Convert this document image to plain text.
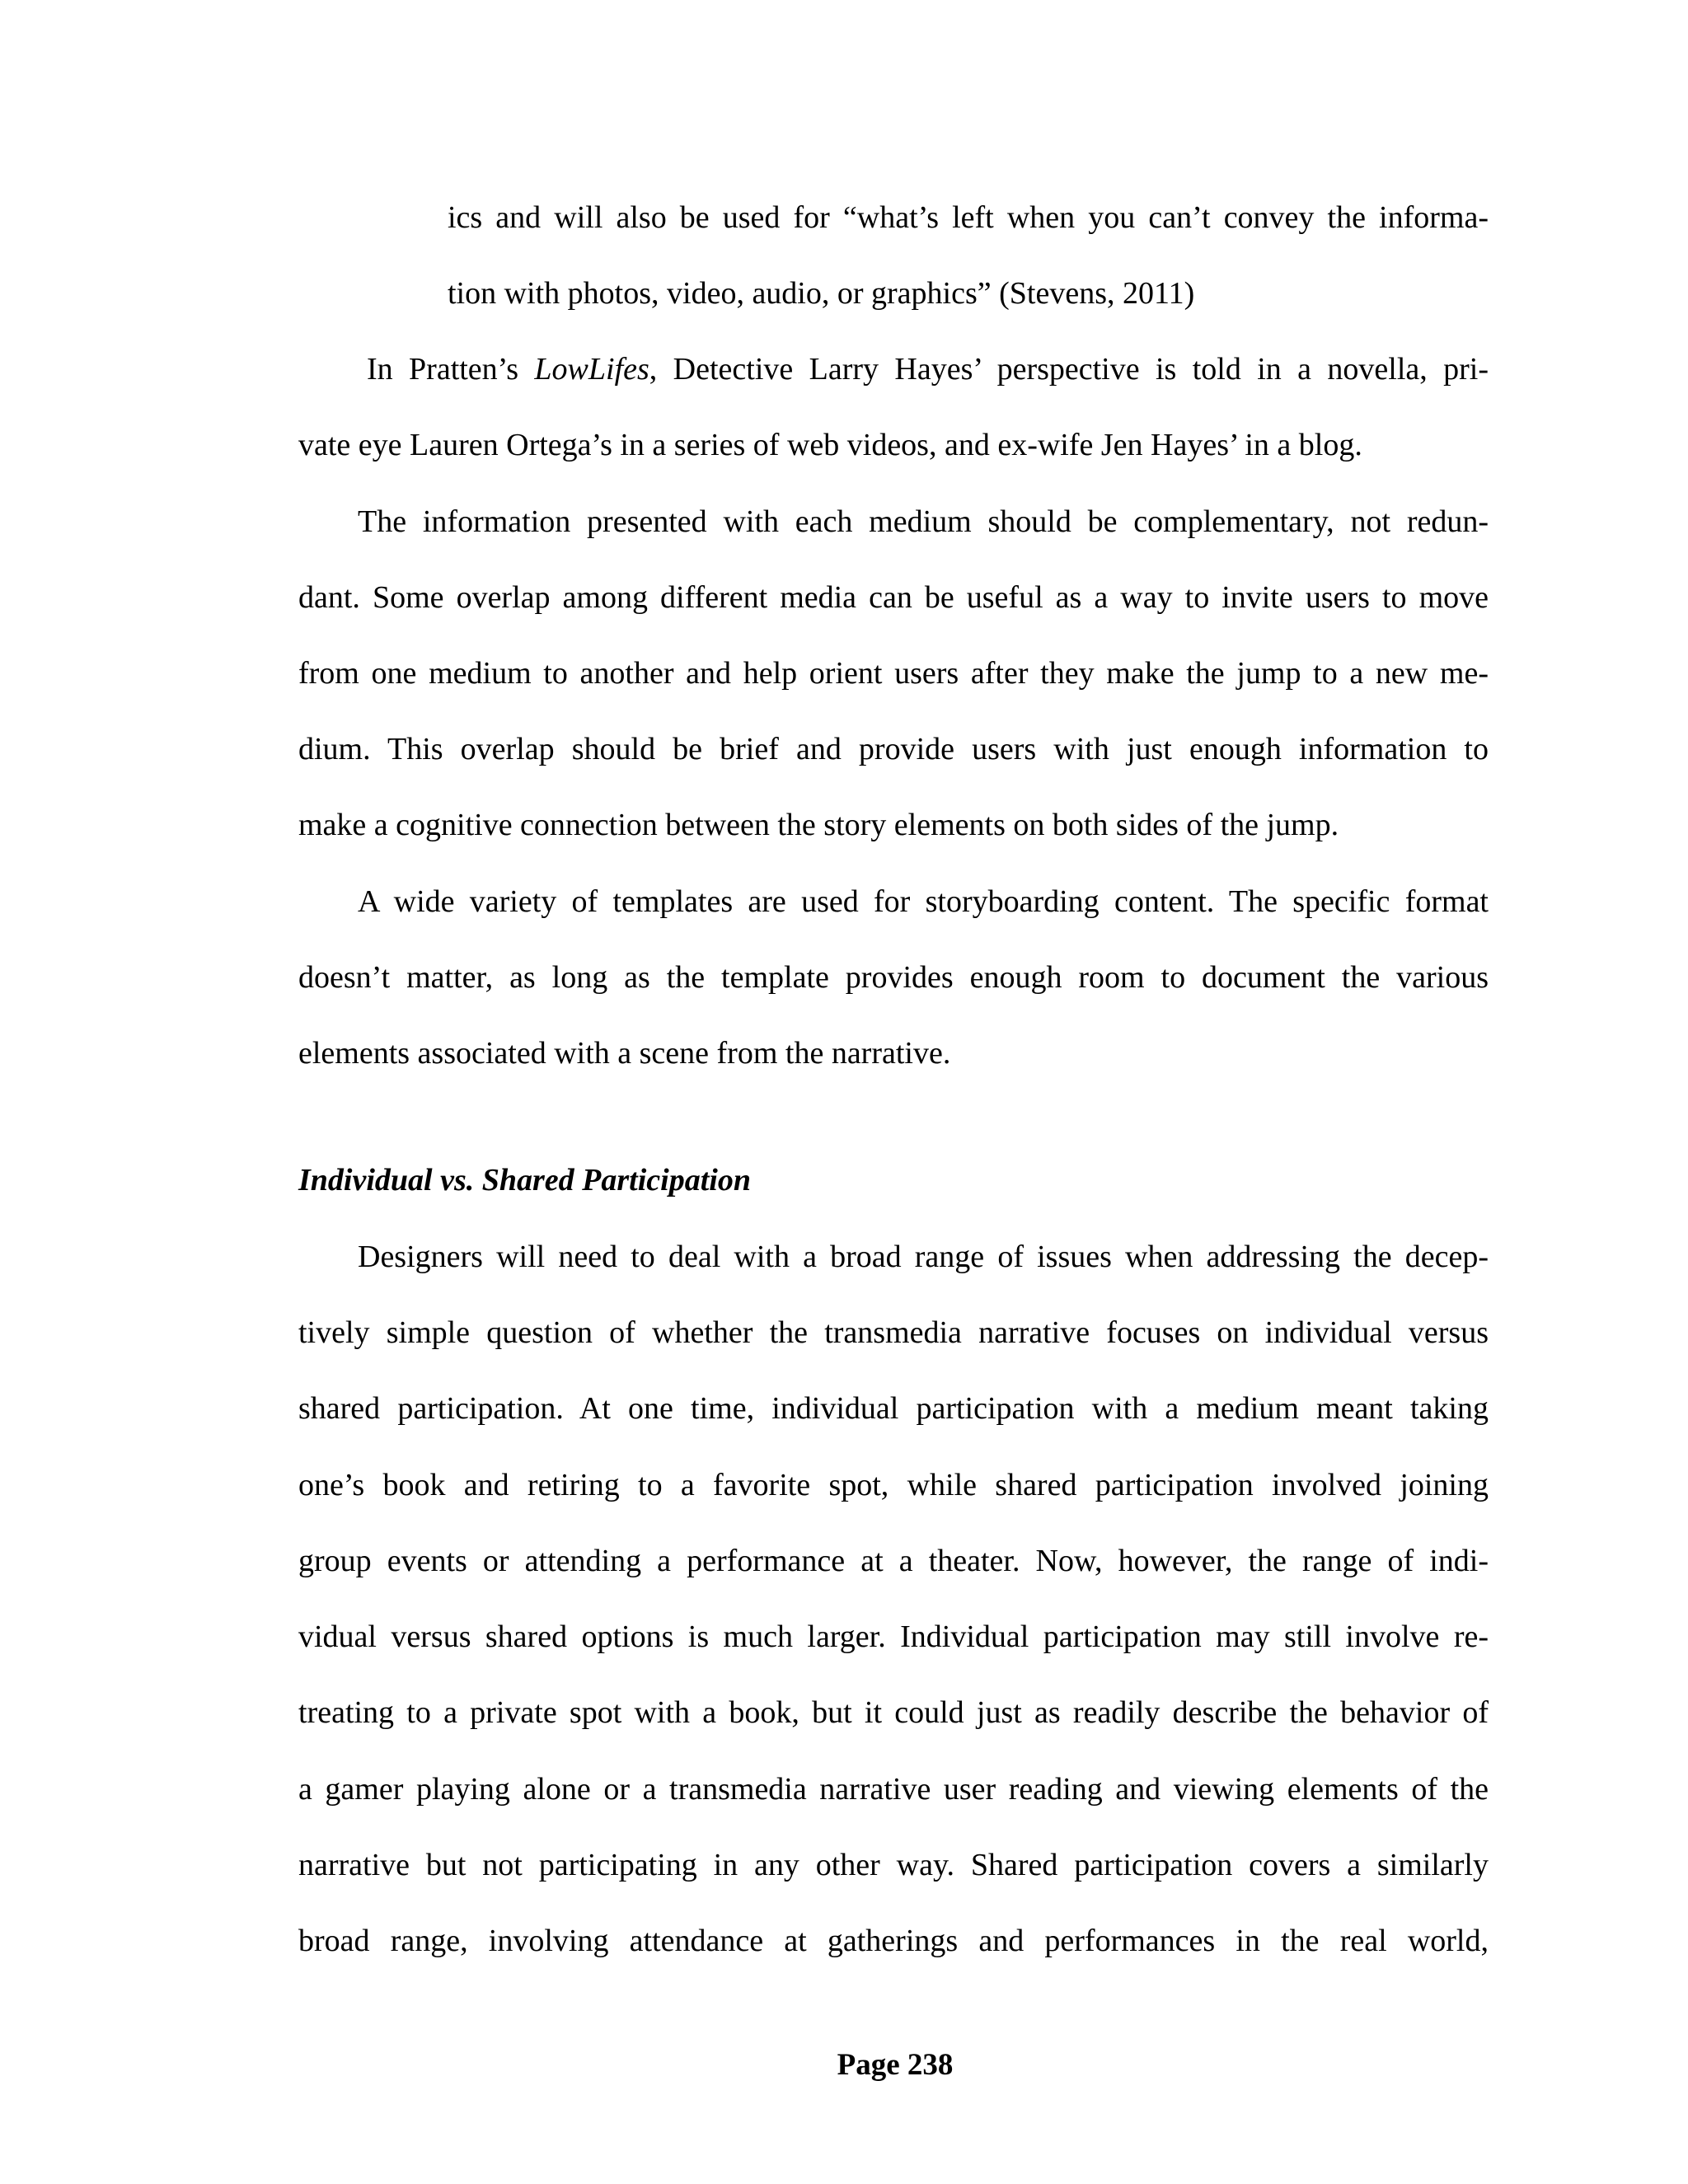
ics and will also be used for “what’s left when you can’t convey the informa-
tion with photos, video, audio, or graphics” (Stevens, 2011)
In Pratten’s LowLifes, Detective Larry Hayes’ perspective is told in a novella, pri-
vate eye Lauren Ortega’s in a series of web videos, and ex-wife Jen Hayes’ in a blog.
The information presented with each medium should be complementary, not redun-
dant. Some overlap among different media can be useful as a way to invite users to move
from one medium to another and help orient users after they make the jump to a new me-
dium. This overlap should be brief and provide users with just enough information to
make a cognitive connection between the story elements on both sides of the jump.
A wide variety of templates are used for storyboarding content. The specific format
doesn’t matter, as long as the template provides enough room to document the various
elements associated with a scene from the narrative.
Individual vs. Shared Participation
Designers will need to deal with a broad range of issues when addressing the decep-
tively simple question of whether the transmedia narrative focuses on individual versus
shared participation. At one time, individual participation with a medium meant taking
one’s book and retiring to a favorite spot, while shared participation involved joining
group events or attending a performance at a theater. Now, however, the range of indi-
vidual versus shared options is much larger. Individual participation may still involve re-
treating to a private spot with a book, but it could just as readily describe the behavior of
a gamer playing alone or a transmedia narrative user reading and viewing elements of the
narrative but not participating in any other way. Shared participation covers a similarly
broad range, involving attendance at gatherings and performances in the real world,
Page 238
